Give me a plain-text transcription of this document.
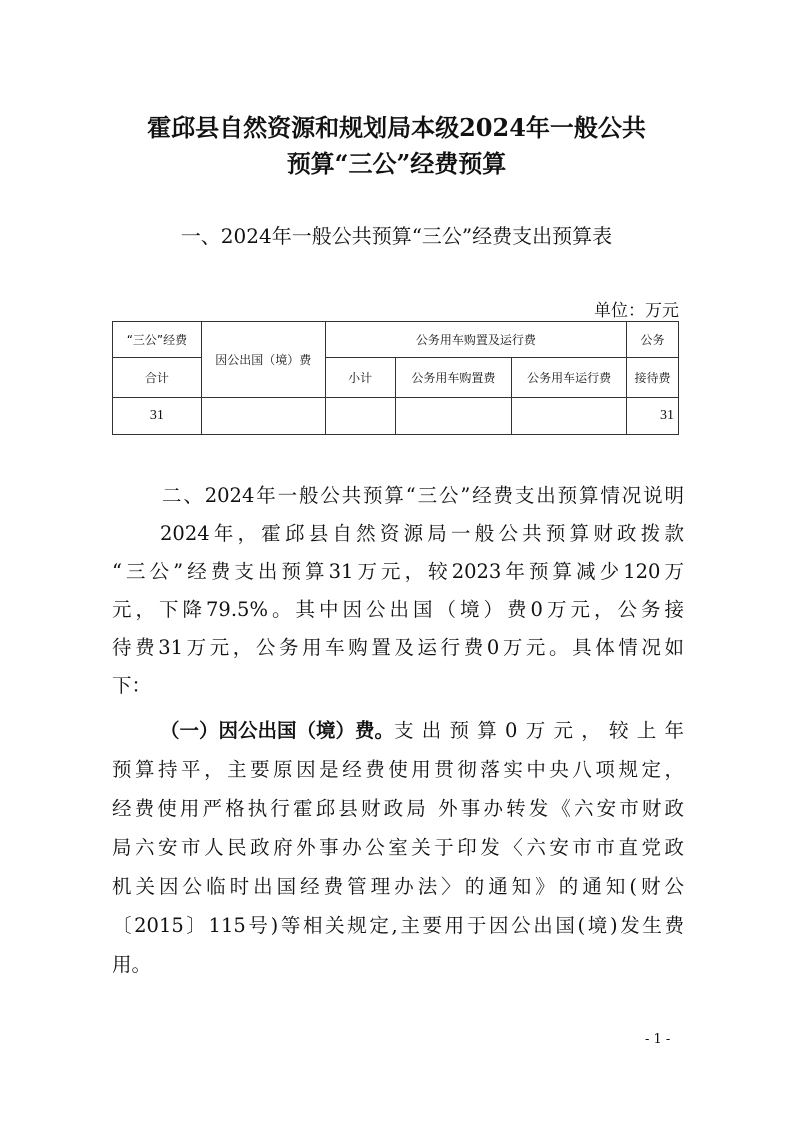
霍邱县自然资源和规划局本级2024年一般公共
预算“三公”经费预算
一、2024年一般公共预算“三公”经费支出预算表
单位：万元
“三公”经费	因公出国（境）费	公务用车购置及运行费			公务
合计		小计	公务用车购置费	公务用车运行费	接待费
31					31
二、2024年一般公共预算“三公”经费支出预算情况说明
2024年，霍邱县自然资源局一般公共预算财政拨款
“三公”经费支出预算31万元，较2023年预算减少120万
元，下降79.5%。其中因公出国（境）费0万元，公务接
待费31万元，公务用车购置及运行费0万元。具体情况如
下：
（一）因公出国（境）费。 支出预算0万元，较上年
预算持平，主要原因是经费使用贯彻落实中央八项规定，
经费使用严格执行霍邱县财政局 外事办转发《六安市财政
局六安市人民政府外事办公室关于印发〈六安市市直党政
机关因公临时出国经费管理办法〉的通知》的通知(财公
〔2015〕115号)等相关规定,主要用于因公出国(境)发生费
用。
- 1 -
